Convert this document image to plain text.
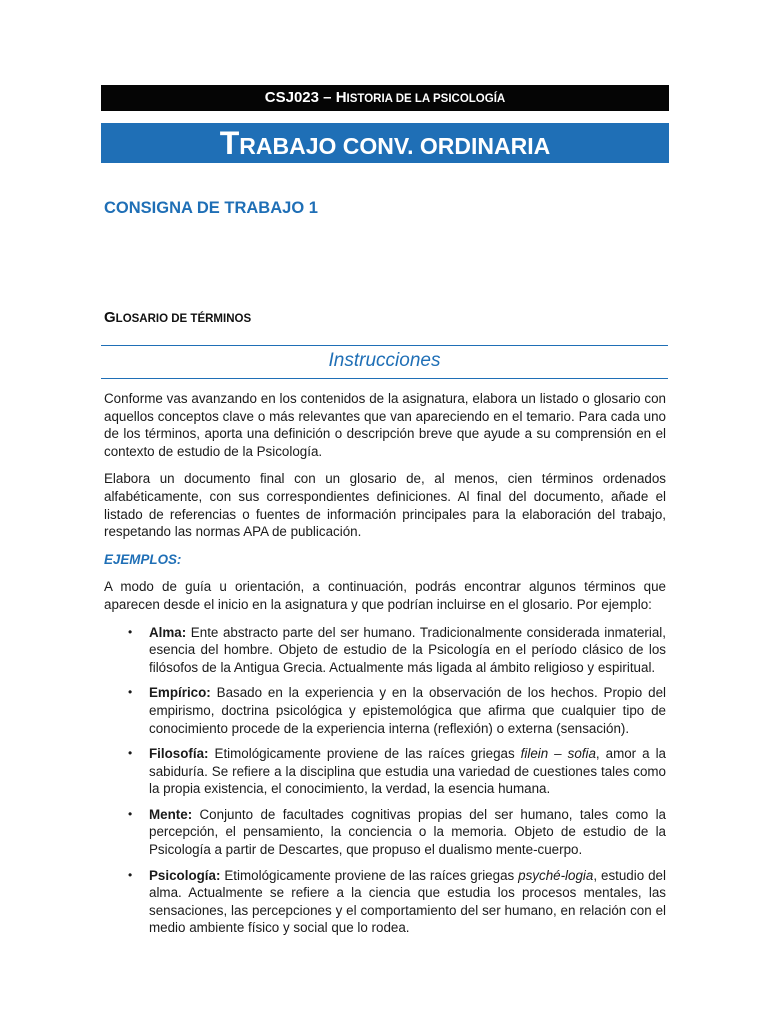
CSJ023 – HISTORIA DE LA PSICOLOGÍA
TRABAJO CONV. ORDINARIA
CONSIGNA DE TRABAJO 1
GLOSARIO DE TÉRMINOS
Instrucciones

Conforme vas avanzando en los contenidos de la asignatura, elabora un listado o glosario con aquellos conceptos clave o más relevantes que van apareciendo en el temario. Para cada uno de los términos, aporta una definición o descripción breve que ayude a su comprensión en el contexto de estudio de la Psicología.

Elabora un documento final con un glosario de, al menos, cien términos ordenados alfabéticamente, con sus correspondientes definiciones. Al final del documento, añade el listado de referencias o fuentes de información principales para la elaboración del trabajo, respetando las normas APA de publicación.

EJEMPLOS:

A modo de guía u orientación, a continuación, podrás encontrar algunos términos que aparecen desde el inicio en la asignatura y que podrían incluirse en el glosario. Por ejemplo:

• Alma: Ente abstracto parte del ser humano. Tradicionalmente considerada inmaterial, esencia del hombre. Objeto de estudio de la Psicología en el período clásico de los filósofos de la Antigua Grecia. Actualmente más ligada al ámbito religioso y espiritual.
• Empírico: Basado en la experiencia y en la observación de los hechos. Propio del empirismo, doctrina psicológica y epistemológica que afirma que cualquier tipo de conocimiento procede de la experiencia interna (reflexión) o externa (sensación).
• Filosofía: Etimológicamente proviene de las raíces griegas filein – sofia, amor a la sabiduría. Se refiere a la disciplina que estudia una variedad de cuestiones tales como la propia existencia, el conocimiento, la verdad, la esencia humana.
• Mente: Conjunto de facultades cognitivas propias del ser humano, tales como la percepción, el pensamiento, la conciencia o la memoria. Objeto de estudio de la Psicología a partir de Descartes, que propuso el dualismo mente-cuerpo.
• Psicología: Etimológicamente proviene de las raíces griegas psyché-logia, estudio del alma. Actualmente se refiere a la ciencia que estudia los procesos mentales, las sensaciones, las percepciones y el comportamiento del ser humano, en relación con el medio ambiente físico y social que lo rodea.
